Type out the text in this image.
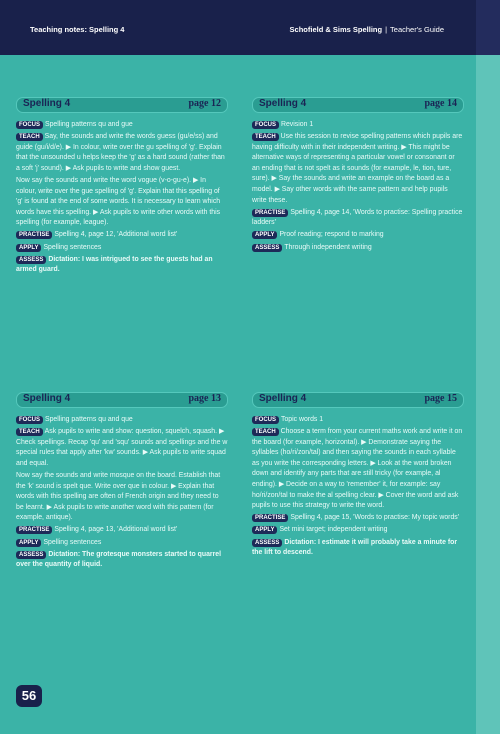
Teaching notes: Spelling 4	Schofield & Sims Spelling | Teacher's Guide
Spelling 4	page 12

FOCUS Spelling patterns qu and gue

TEACH Say, the sounds and write the words guess (gu/e/ss) and guide (gu/i/d/e). ▶ In colour, write over the gu spelling of 'g'. Explain that the unsounded u helps keep the 'g' as a hard sound (rather than a soft 'j' sound). ▶ Ask pupils to write and show guest.

Now say the sounds and write the word vogue (v-o-gu-e). ▶ In colour, write over the gue spelling of 'g'. Explain that this spelling of 'g' is found at the end of some words. It is necessary to learn which words have this spelling. ▶ Ask pupils to write other words with this spelling (for example, league).

PRACTISE Spelling 4, page 12, 'Additional word list'

APPLY Spelling sentences

ASSESS Dictation: I was intrigued to see the guests had an armed guard.

Spelling 4	page 14

FOCUS Revision 1

TEACH Use this session to revise spelling patterns which pupils are having difficulty with in their independent writing. ▶ This might be alternative ways of representing a particular vowel or consonant or an ending that is not spelt as it sounds (for example, le, tion, ture, sure). ▶ Say the sounds and write an example on the board as a model. ▶ Say other words with the same pattern and help pupils write these.

PRACTISE Spelling 4, page 14, 'Words to practise: Spelling practice ladders'

APPLY Proof reading; respond to marking

ASSESS Through independent writing

Spelling 4	page 13

FOCUS Spelling patterns qu and que

TEACH Ask pupils to write and show: question, squelch, squash. ▶ Check spellings. Recap 'qu' and 'squ' sounds and spellings and the w special rules that apply after 'kw' sounds. ▶ Ask pupils to write squad and equal.

Now say the sounds and write mosque on the board. Establish that the 'k' sound is spelt que. Write over que in colour. ▶ Explain that words with this spelling are often of French origin and they need to be learnt. ▶ Ask pupils to write another word with this pattern (for example, antique).

PRACTISE Spelling 4, page 13, 'Additional word list'

APPLY Spelling sentences

ASSESS Dictation: The grotesque monsters started to quarrel over the quantity of liquid.

Spelling 4	page 15

FOCUS Topic words 1

TEACH Choose a term from your current maths work and write it on the board (for example, horizontal). ▶ Demonstrate saying the syllables (ho/ri/zon/tal) and then saying the sounds in each syllable as you write the corresponding letters. ▶ Look at the word broken down and identify any parts that are still tricky (for example, al ending). ▶ Decide on a way to 'remember' it, for example: say ho/ri/zon/tal to make the al spelling clear. ▶ Cover the word and ask pupils to use this strategy to write the word.

PRACTISE Spelling 4, page 15, 'Words to practise: My topic words'

APPLY Set mini target; independent writing

ASSESS Dictation: I estimate it will probably take a minute for the lift to descend.

56
